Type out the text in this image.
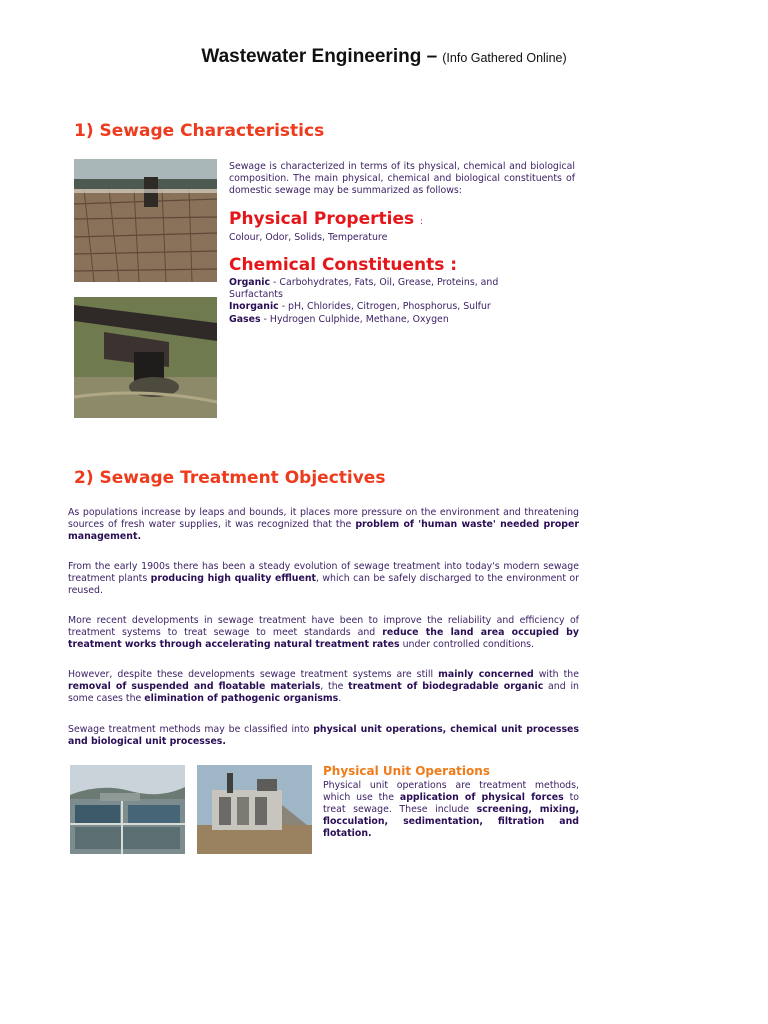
Wastewater Engineering – (Info Gathered Online)
1) Sewage Characteristics
Sewage is characterized in terms of its physical, chemical and biological composition. The main physical, chemical and biological constituents of domestic sewage may be summarized as follows:
Physical Properties :
Colour, Odor, Solids, Temperature
Chemical Constituents :
Organic - Carbohydrates, Fats, Oil, Grease, Proteins, and Surfactants
Inorganic - pH, Chlorides, Citrogen, Phosphorus, Sulfur
Gases - Hydrogen Culphide, Methane, Oxygen
2) Sewage Treatment Objectives
As populations increase by leaps and bounds, it places more pressure on the environment and threatening sources of fresh water supplies, it was recognized that the problem of 'human waste' needed proper management.
From the early 1900s there has been a steady evolution of sewage treatment into today's modern sewage treatment plants producing high quality effluent, which can be safely discharged to the environment or reused.
More recent developments in sewage treatment have been to improve the reliability and efficiency of treatment systems to treat sewage to meet standards and reduce the land area occupied by treatment works through accelerating natural treatment rates under controlled conditions.
However, despite these developments sewage treatment systems are still mainly concerned with the removal of suspended and floatable materials, the treatment of biodegradable organic and in some cases the elimination of pathogenic organisms.
Sewage treatment methods may be classified into physical unit operations, chemical unit processes and biological unit processes.
Physical Unit Operations
Physical unit operations are treatment methods, which use the application of physical forces to treat sewage. These include screening, mixing, flocculation, sedimentation, filtration and flotation.
